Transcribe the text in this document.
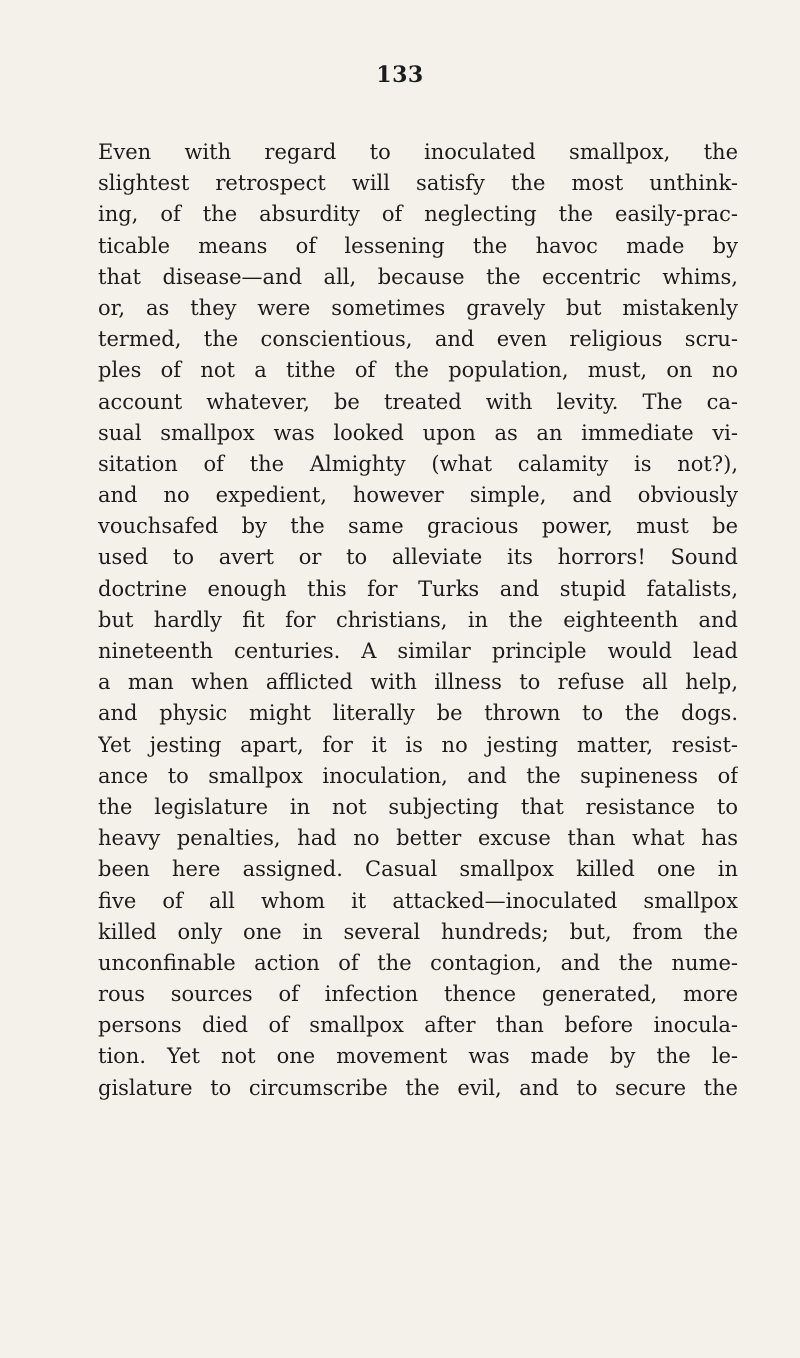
133
Even with regard to inoculated smallpox, the
slightest retrospect will satisfy the most unthink-
ing, of the absurdity of neglecting the easily-prac-
ticable means of lessening the havoc made by
that disease—and all, because the eccentric whims,
or, as they were sometimes gravely but mistakenly
termed, the conscientious, and even religious scru-
ples of not a tithe of the population, must, on no
account whatever, be treated with levity. The ca-
sual smallpox was looked upon as an immediate vi-
sitation of the Almighty (what calamity is not?),
and no expedient, however simple, and obviously
vouchsafed by the same gracious power, must be
used to avert or to alleviate its horrors! Sound
doctrine enough this for Turks and stupid fatalists,
but hardly fit for christians, in the eighteenth and
nineteenth centuries. A similar principle would lead
a man when afflicted with illness to refuse all help,
and physic might literally be thrown to the dogs.
Yet jesting apart, for it is no jesting matter, resist-
ance to smallpox inoculation, and the supineness of
the legislature in not subjecting that resistance to
heavy penalties, had no better excuse than what has
been here assigned. Casual smallpox killed one in
five of all whom it attacked—inoculated smallpox
killed only one in several hundreds; but, from the
unconfinable action of the contagion, and the nume-
rous sources of infection thence generated, more
persons died of smallpox after than before inocula-
tion. Yet not one movement was made by the le-
gislature to circumscribe the evil, and to secure the
